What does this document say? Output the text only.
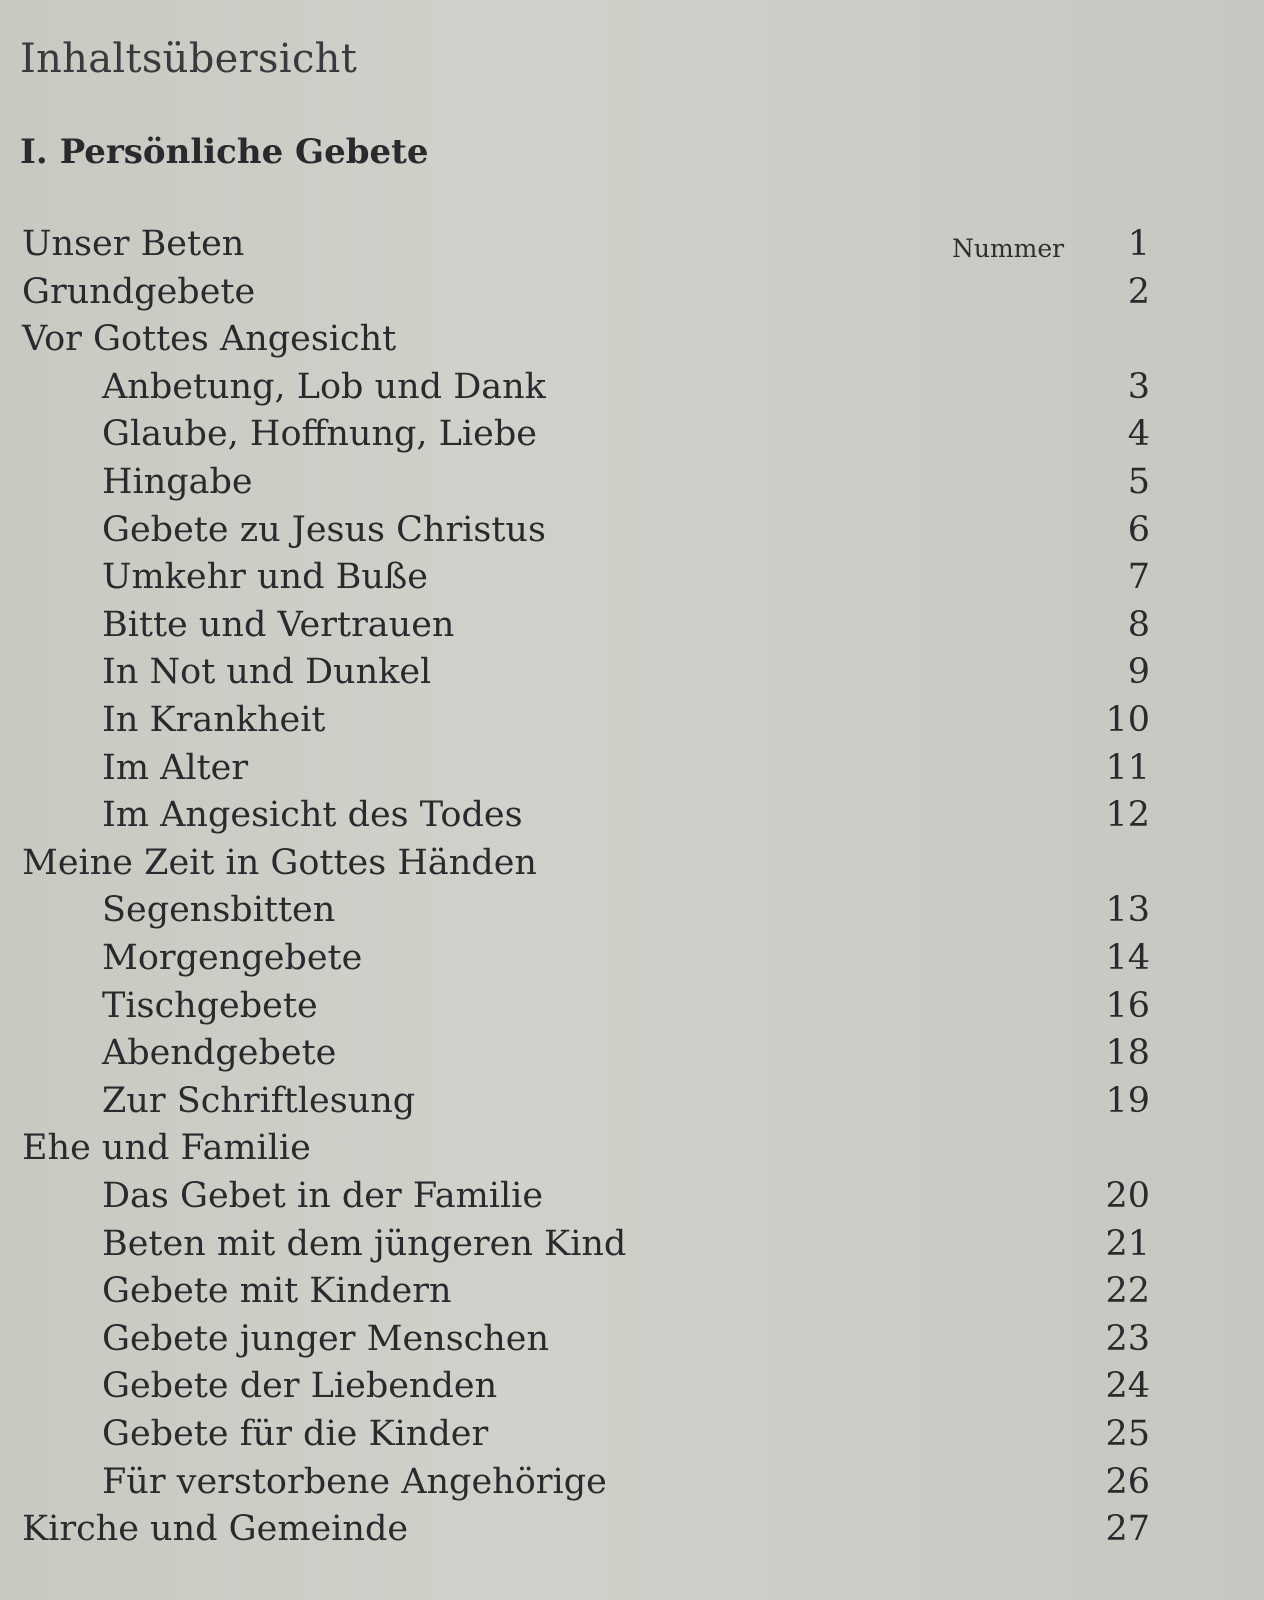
Inhaltsübersicht
I. Persönliche Gebete
Nummer
Unser Beten	1
Grundgebete	2
Vor Gottes Angesicht
Anbetung, Lob und Dank	3
Glaube, Hoffnung, Liebe	4
Hingabe	5
Gebete zu Jesus Christus	6
Umkehr und Buße	7
Bitte und Vertrauen	8
In Not und Dunkel	9
In Krankheit	10
Im Alter	11
Im Angesicht des Todes	12
Meine Zeit in Gottes Händen
Segensbitten	13
Morgengebete	14
Tischgebete	16
Abendgebete	18
Zur Schriftlesung	19
Ehe und Familie
Das Gebet in der Familie	20
Beten mit dem jüngeren Kind	21
Gebete mit Kindern	22
Gebete junger Menschen	23
Gebete der Liebenden	24
Gebete für die Kinder	25
Für verstorbene Angehörige	26
Kirche und Gemeinde	27
